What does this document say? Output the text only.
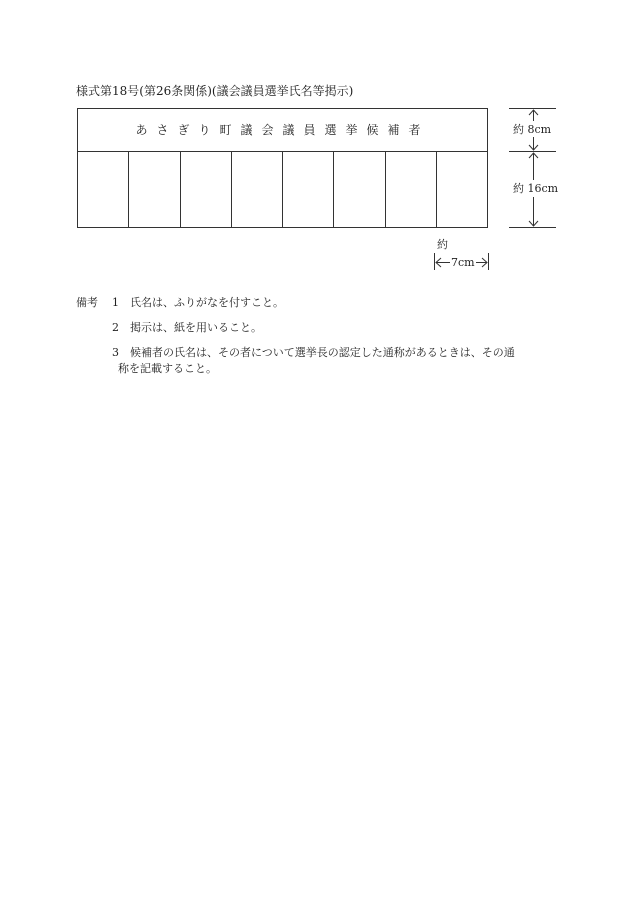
様式第18号(第26条関係)(議会議員選挙氏名等掲示)
あさぎり町議会議員選挙候補者	約 8cm
約 16cm
約
7cm
備考 1 氏名は、ふりがなを付すこと。
2 掲示は、紙を用いること。
3 候補者の氏名は、その者について選挙長の認定した通称があるときは、その通
称を記載すること。
